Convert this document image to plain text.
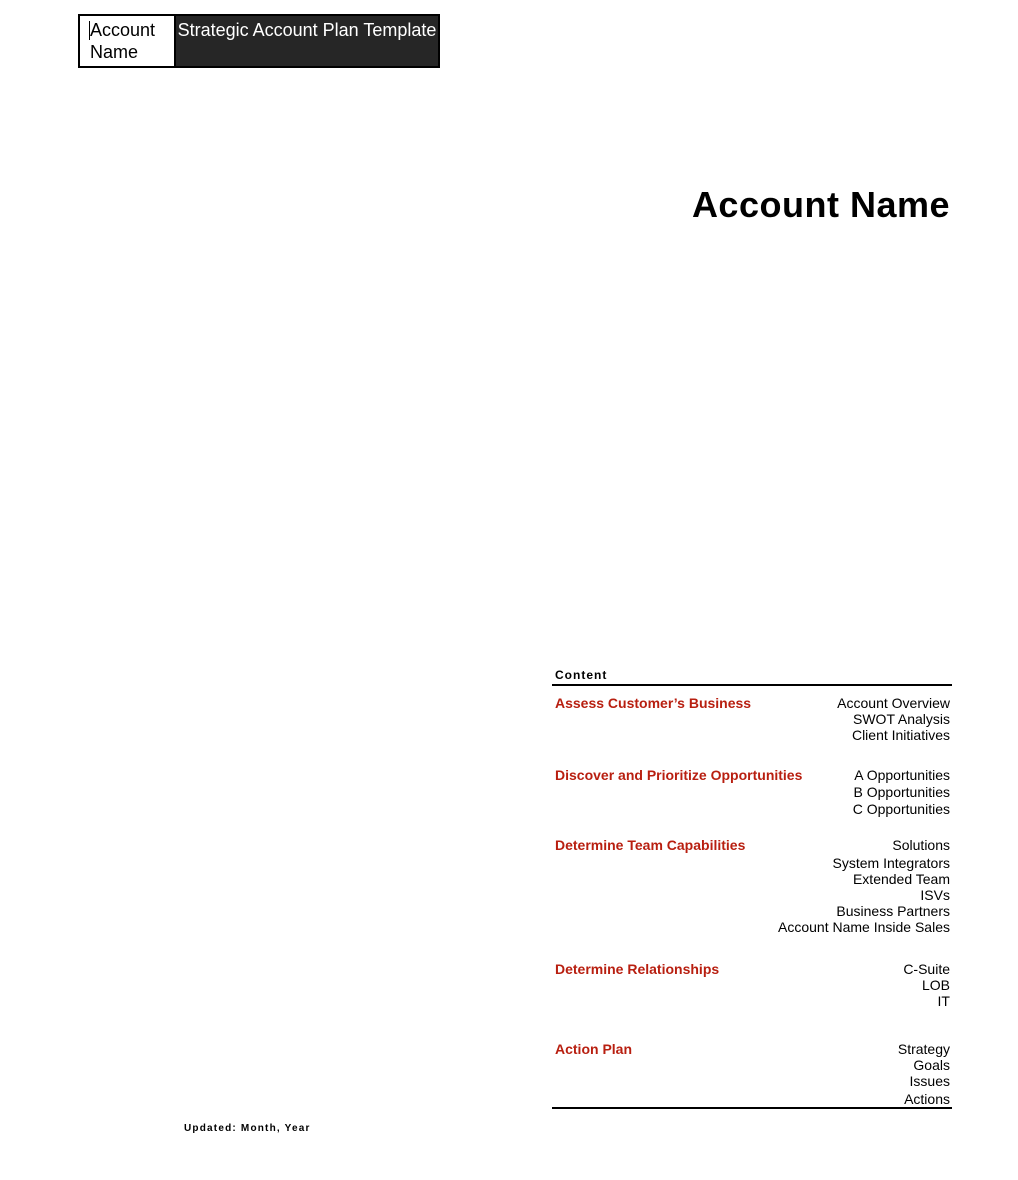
Account Name
Strategic Account Plan Template
Account Name
Content
Assess Customer’s Business	Account Overview
SWOT Analysis
Client Initiatives
Discover and Prioritize Opportunities	A Opportunities
B Opportunities
C Opportunities
Determine Team Capabilities	Solutions
System Integrators
Extended Team
ISVs
Business Partners
Account Name Inside Sales
Determine Relationships	C-Suite
LOB
IT
Action Plan	Strategy
Goals
Issues
Actions
Updated: Month, Year
